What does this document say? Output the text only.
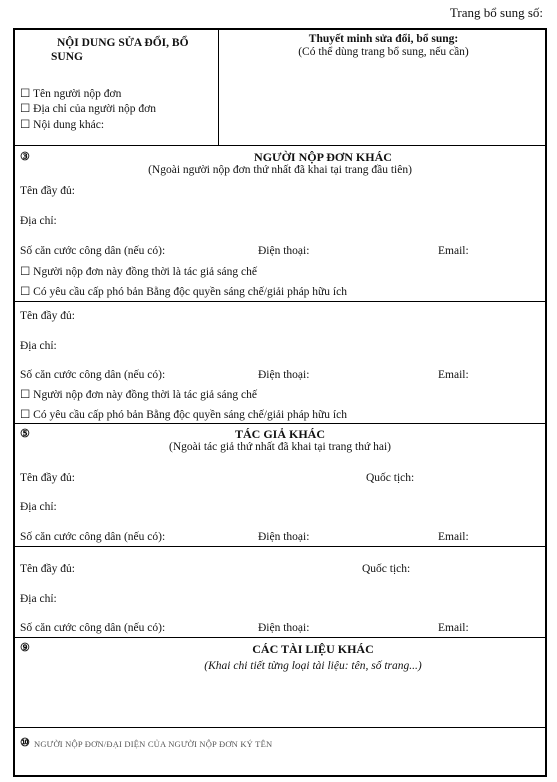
Trang bổ sung số:
NỘI DUNG SỬA ĐỔI, BỔ
SUNG
☐ Tên người nộp đơn
☐ Địa chỉ của người nộp đơn
☐ Nội dung khác:
Thuyết minh sửa đổi, bổ sung:
(Có thể dùng trang bổ sung, nếu cần)
③	NGƯỜI NỘP ĐƠN KHÁC
(Ngoài người nộp đơn thứ nhất đã khai tại trang đầu tiên)
Tên đầy đủ:
Địa chỉ:
Số căn cước công dân (nếu có):	Điện thoại:	Email:
☐ Người nộp đơn này đồng thời là tác giả sáng chế
☐ Có yêu cầu cấp phó bản Bằng độc quyền sáng chế/giải pháp hữu ích
Tên đầy đủ:
Địa chỉ:
Số căn cước công dân (nếu có):	Điện thoại:	Email:
☐ Người nộp đơn này đồng thời là tác giả sáng chế
☐ Có yêu cầu cấp phó bản Bằng độc quyền sáng chế/giải pháp hữu ích
⑤	TÁC GIẢ KHÁC
(Ngoài tác giả thứ nhất đã khai tại trang thứ hai)
Tên đầy đủ:	Quốc tịch:
Địa chỉ:
Số căn cước công dân (nếu có):	Điện thoại:	Email:
Tên đầy đủ:	Quốc tịch:
Địa chỉ:
Số căn cước công dân (nếu có):	Điện thoại:	Email:
⑨	CÁC TÀI LIỆU KHÁC
(Khai chi tiết từng loại tài liệu: tên, số trang...)
⑩ NGƯỜI NỘP ĐƠN/ĐẠI DIỆN CỦA NGƯỜI NỘP ĐƠN KÝ TÊN
